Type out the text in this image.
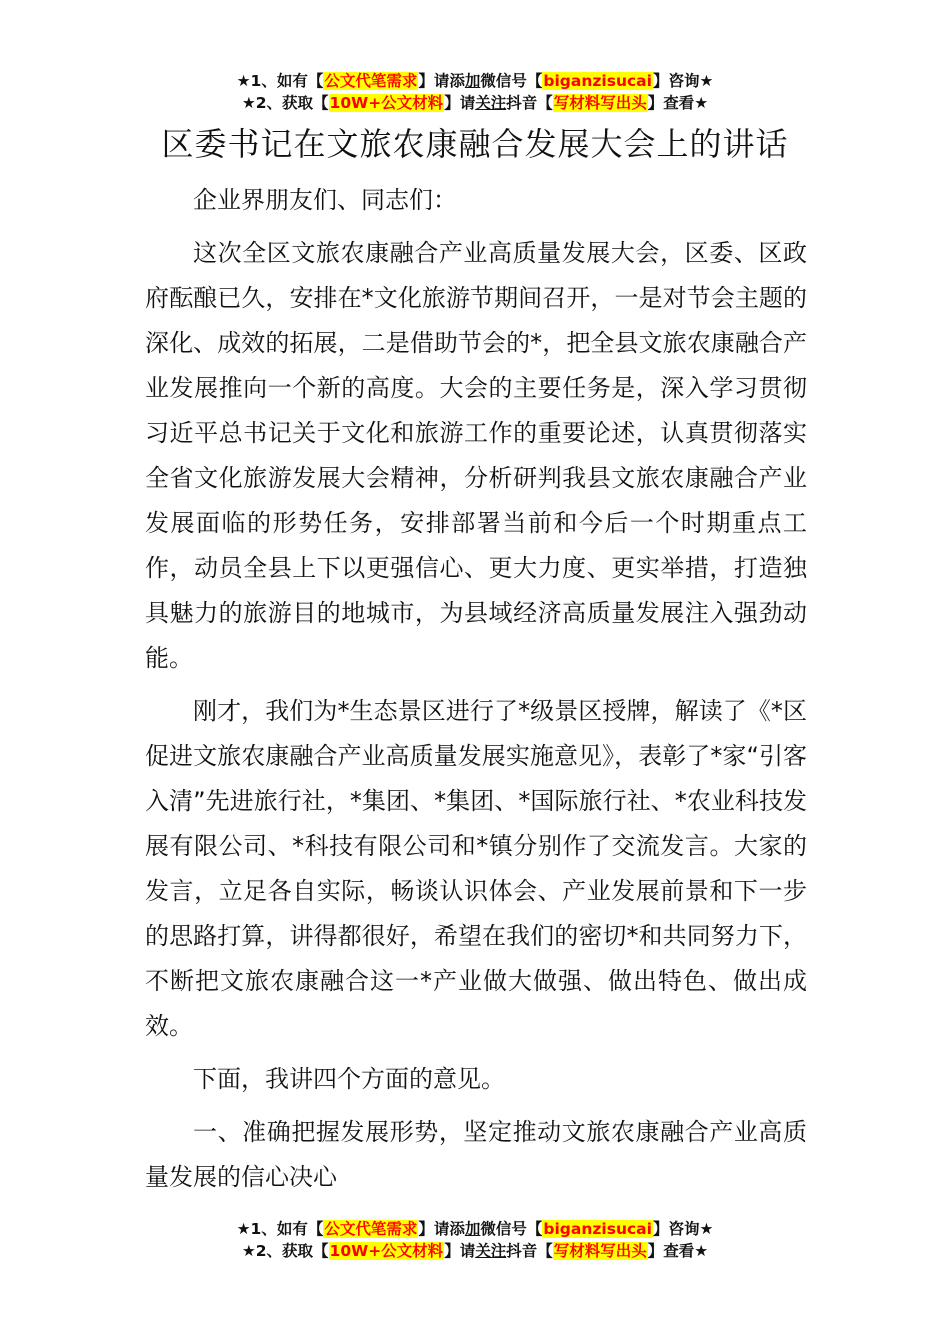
★1、如有【公文代笔需求】请添加微信号【biganzisucai】咨询★
★2、获取【10W+公文材料】请关注抖音【写材料写出头】查看★
区委书记在文旅农康融合发展大会上的讲话

企业界朋友们、同志们：

这次全区文旅农康融合产业高质量发展大会，区委、区政府酝酿已久，安排在*文化旅游节期间召开，一是对节会主题的深化、成效的拓展，二是借助节会的*，把全县文旅农康融合产业发展推向一个新的高度。大会的主要任务是，深入学习贯彻习近平总书记关于文化和旅游工作的重要论述，认真贯彻落实全省文化旅游发展大会精神，分析研判我县文旅农康融合产业发展面临的形势任务，安排部署当前和今后一个时期重点工作，动员全县上下以更强信心、更大力度、更实举措，打造独具魅力的旅游目的地城市，为县域经济高质量发展注入强劲动能。

刚才，我们为*生态景区进行了*级景区授牌，解读了《*区促进文旅农康融合产业高质量发展实施意见》，表彰了*家“引客入清”先进旅行社，*集团、*集团、*国际旅行社、*农业科技发展有限公司、*科技有限公司和*镇分别作了交流发言。大家的发言，立足各自实际，畅谈认识体会、产业发展前景和下一步的思路打算，讲得都很好，希望在我们的密切*和共同努力下，不断把文旅农康融合这一*产业做大做强、做出特色、做出成效。

下面，我讲四个方面的意见。

一、准确把握发展形势，坚定推动文旅农康融合产业高质量发展的信心决心

★1、如有【公文代笔需求】请添加微信号【biganzisucai】咨询★
★2、获取【10W+公文材料】请关注抖音【写材料写出头】查看★
